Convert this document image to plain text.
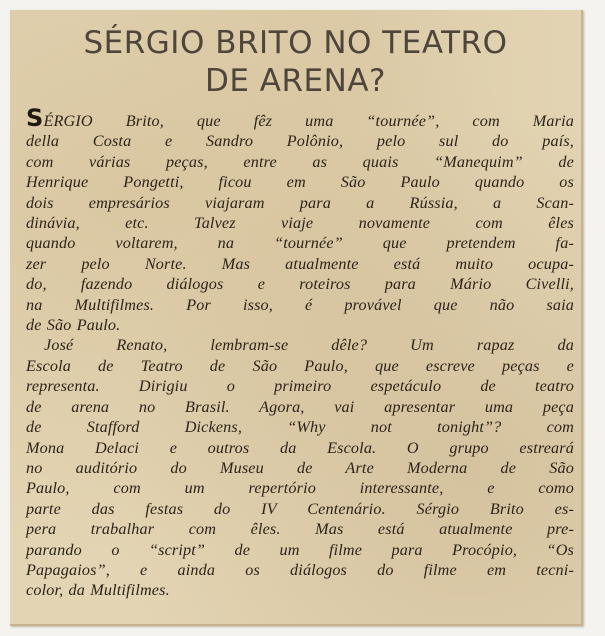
SÉRGIO BRITO NO TEATRO
DE ARENA?
SÉRGIO Brito, que fêz uma “tournée”, com Maria
della Costa e Sandro Polônio, pelo sul do país,
com várias peças, entre as quais “Manequim” de
Henrique Pongetti, ficou em São Paulo quando os
dois empresários viajaram para a Rússia, a Scan-
dinávia, etc. Talvez viaje novamente com êles
quando voltarem, na “tournée” que pretendem fa-
zer pelo Norte. Mas atualmente está muito ocupa-
do, fazendo diálogos e roteiros para Mário Civelli,
na Multifilmes. Por isso, é provável que não saia
de São Paulo.
José Renato, lembram-se dêle? Um rapaz da
Escola de Teatro de São Paulo, que escreve peças e
representa. Dirigiu o primeiro espetáculo de teatro
de arena no Brasil. Agora, vai apresentar uma peça
de Stafford Dickens, “Why not tonight”? com
Mona Delaci e outros da Escola. O grupo estreará
no auditório do Museu de Arte Moderna de São
Paulo, com um repertório interessante, e como
parte das festas do IV Centenário. Sérgio Brito es-
pera trabalhar com êles. Mas está atualmente pre-
parando o “script” de um filme para Procópio, “Os
Papagaios”, e ainda os diálogos do filme em tecni-
color, da Multifilmes.
